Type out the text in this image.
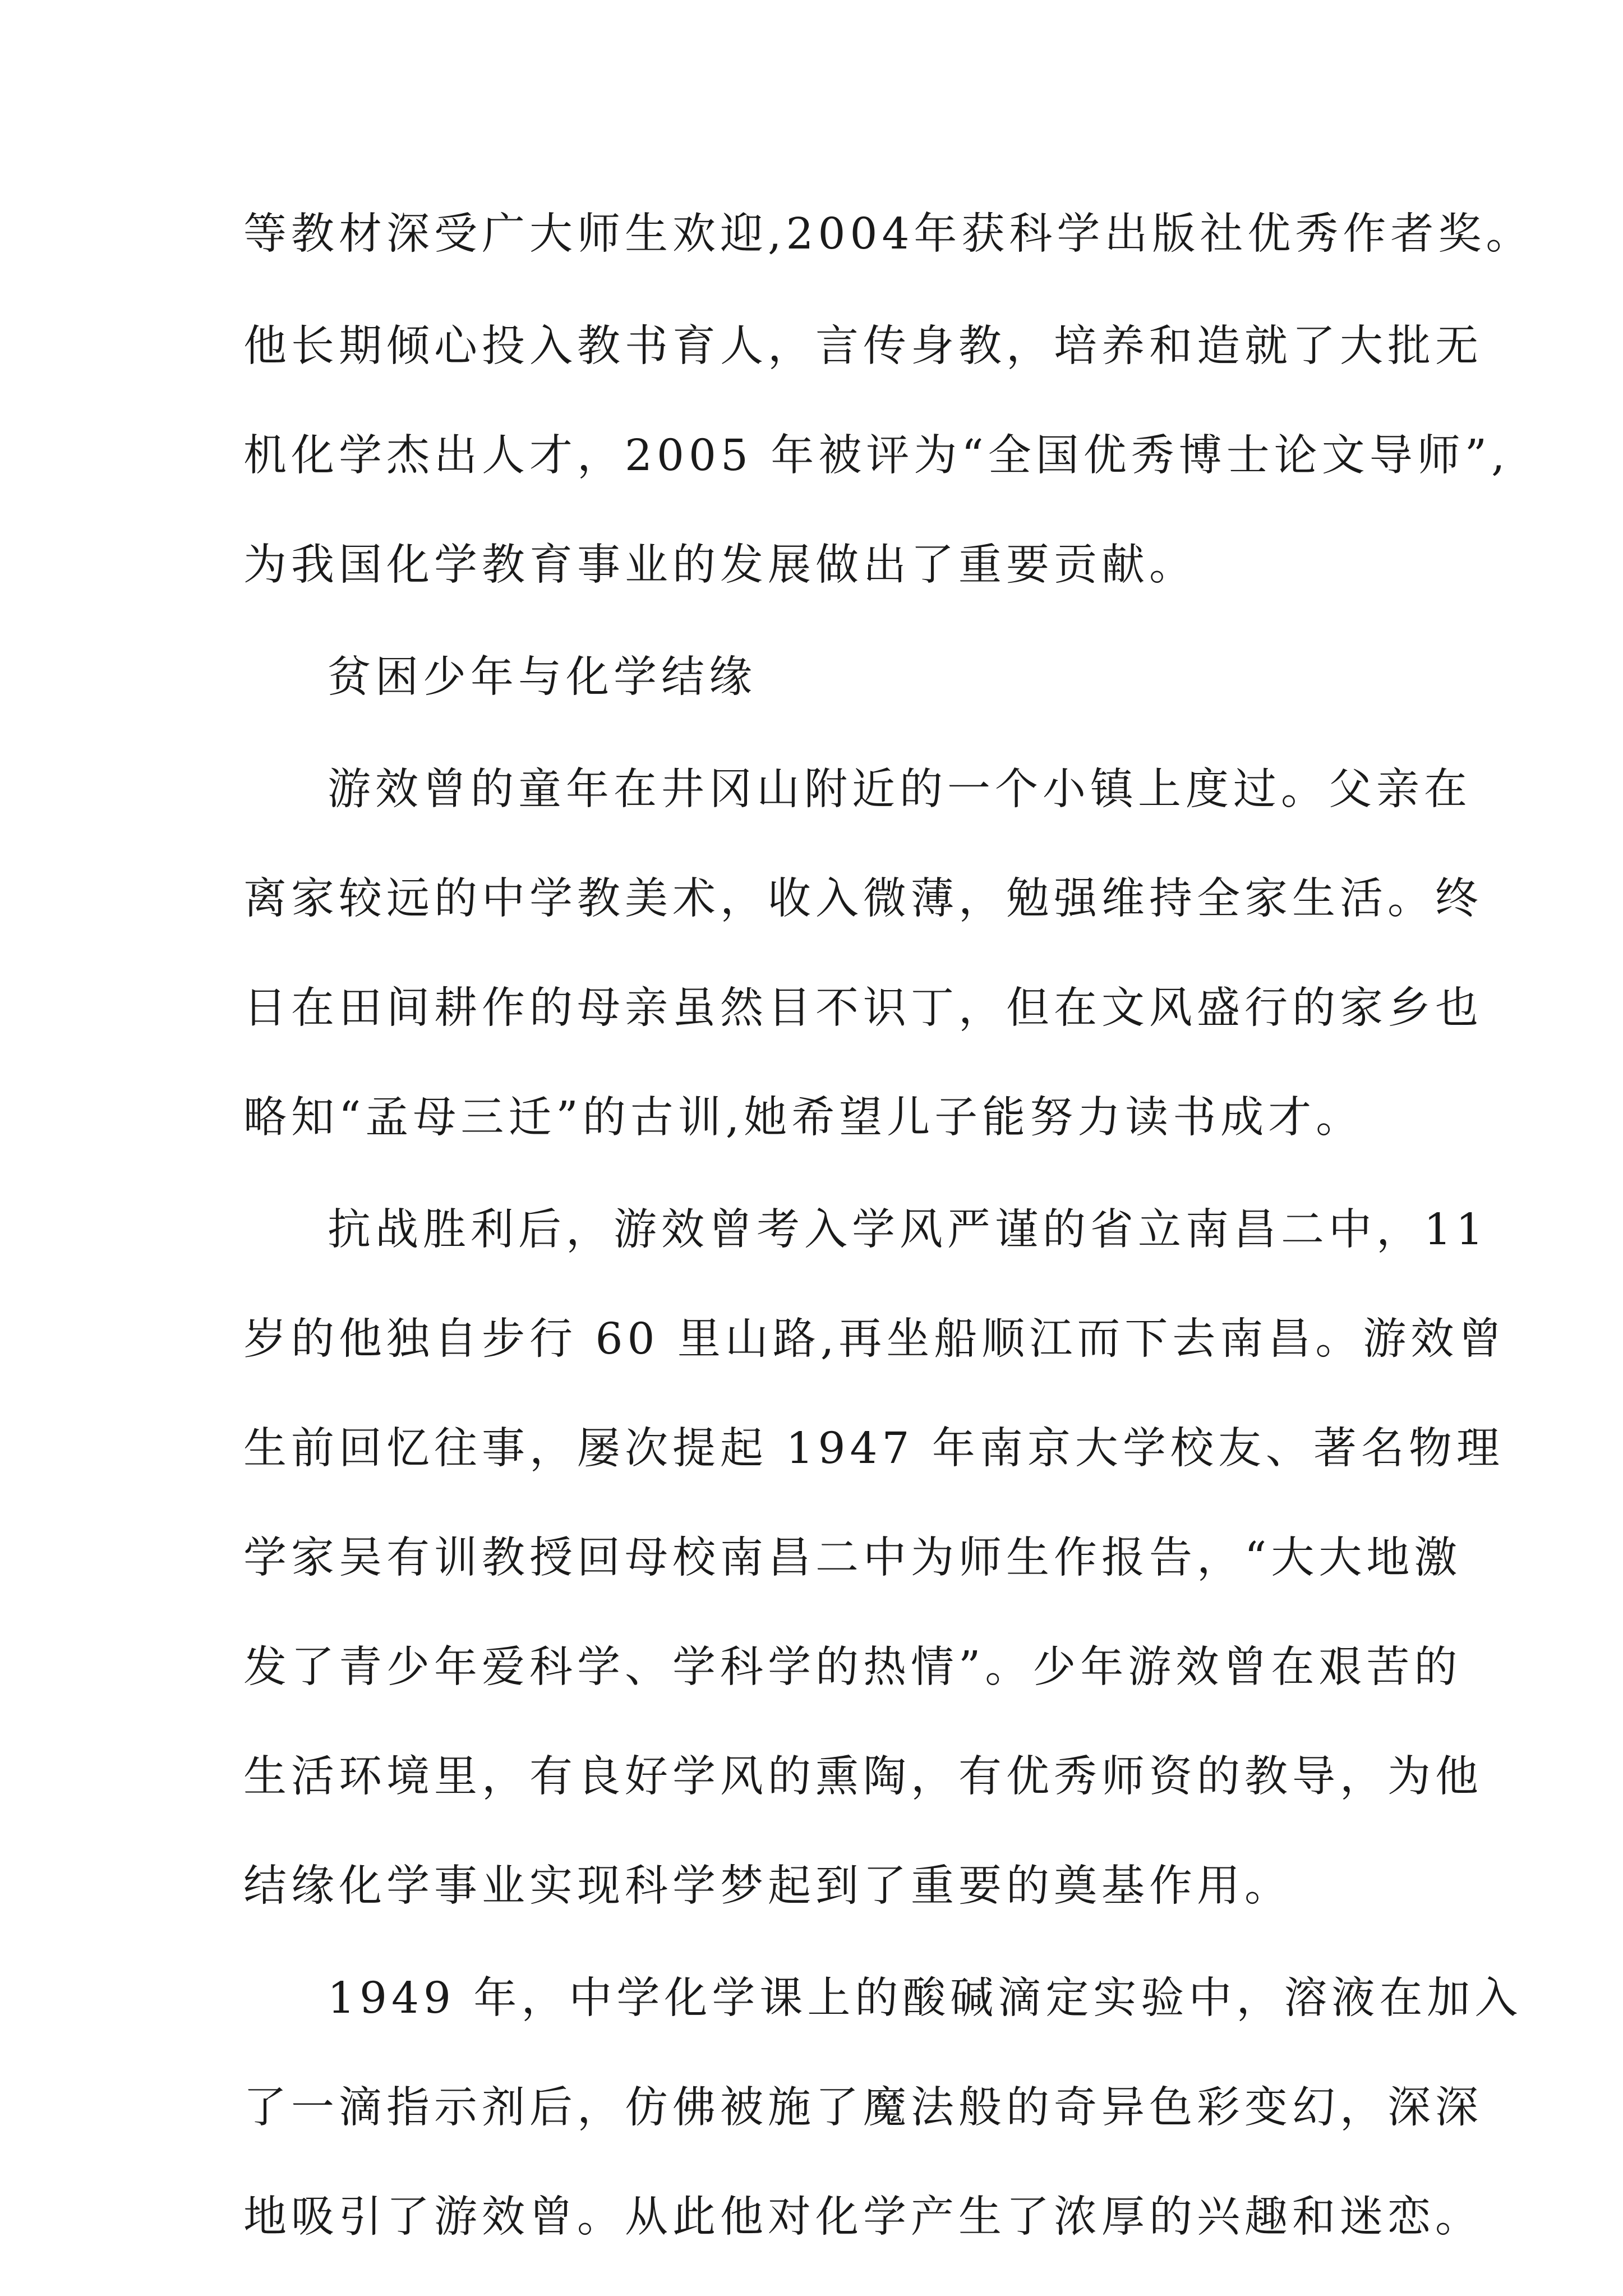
等教材深受广大师生欢迎,2004年获科学出版社优秀作者奖。

他长期倾心投入教书育人，言传身教，培养和造就了大批无

机化学杰出人才，2005 年被评为“全国优秀博士论文导师”,

为我国化学教育事业的发展做出了重要贡献。

贫困少年与化学结缘

游效曾的童年在井冈山附近的一个小镇上度过。父亲在

离家较远的中学教美术，收入微薄，勉强维持全家生活。终

日在田间耕作的母亲虽然目不识丁，但在文风盛行的家乡也

略知“孟母三迁”的古训,她希望儿子能努力读书成才。

抗战胜利后，游效曾考入学风严谨的省立南昌二中，11

岁的他独自步行 60 里山路,再坐船顺江而下去南昌。游效曾

生前回忆往事，屡次提起 1947 年南京大学校友、著名物理

学家吴有训教授回母校南昌二中为师生作报告，“大大地激

发了青少年爱科学、学科学的热情”。少年游效曾在艰苦的

生活环境里，有良好学风的熏陶，有优秀师资的教导，为他

结缘化学事业实现科学梦起到了重要的奠基作用。

1949 年，中学化学课上的酸碱滴定实验中，溶液在加入

了一滴指示剂后，仿佛被施了魔法般的奇异色彩变幻，深深

地吸引了游效曾。从此他对化学产生了浓厚的兴趣和迷恋。
